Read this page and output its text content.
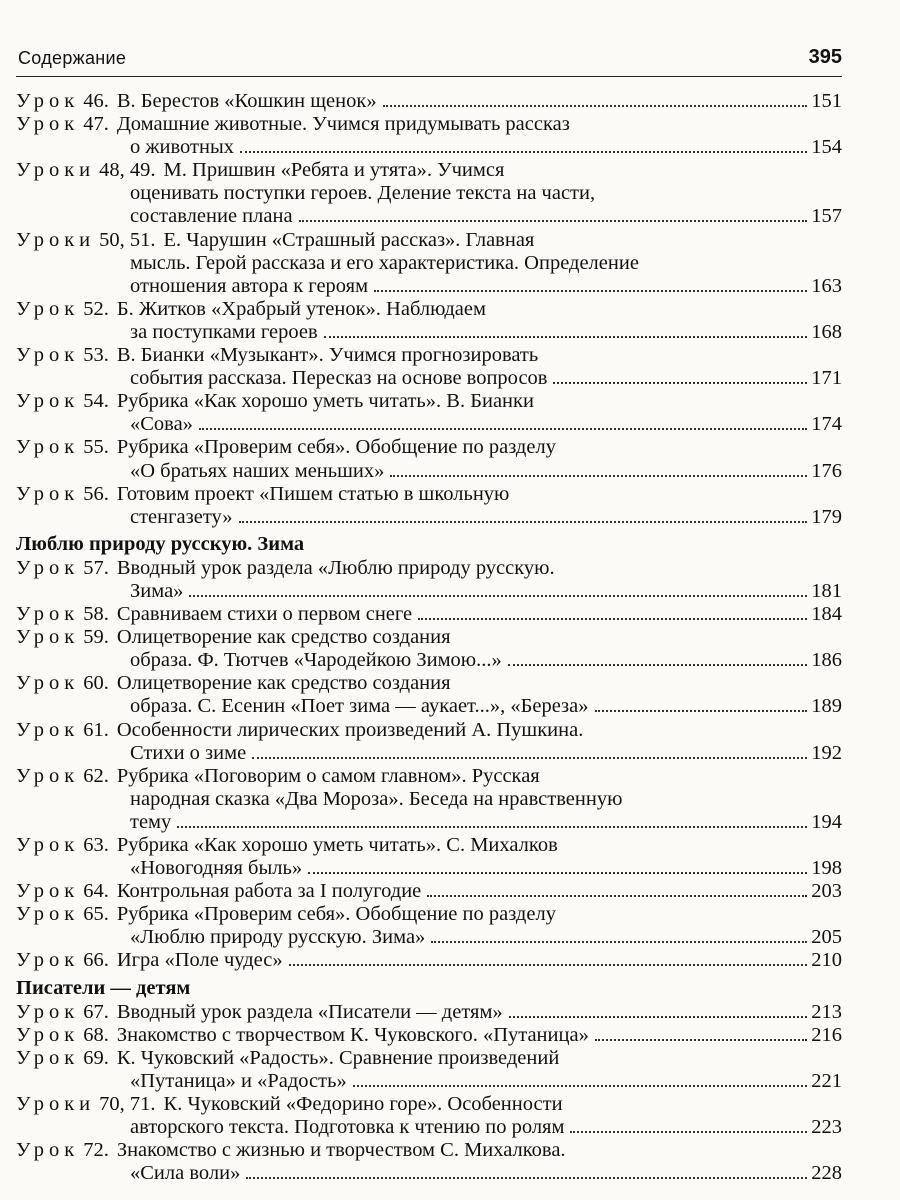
Содержание	395
Урок 46. В. Берестов «Кошкин щенок»	151
Урок 47. Домашние животные. Учимся придумывать рассказ
о животных	154
Уроки 48, 49. М. Пришвин «Ребята и утята». Учимся
оценивать поступки героев. Деление текста на части,
составление плана	157
Уроки 50, 51. Е. Чарушин «Страшный рассказ». Главная
мысль. Герой рассказа и его характеристика. Определение
отношения автора к героям	163
Урок 52. Б. Житков «Храбрый утенок». Наблюдаем
за поступками героев	168
Урок 53. В. Бианки «Музыкант». Учимся прогнозировать
события рассказа. Пересказ на основе вопросов	171
Урок 54. Рубрика «Как хорошо уметь читать». В. Бианки
«Сова»	174
Урок 55. Рубрика «Проверим себя». Обобщение по разделу
«О братьях наших меньших»	176
Урок 56. Готовим проект «Пишем статью в школьную
стенгазету»	179
Люблю природу русскую. Зима
Урок 57. Вводный урок раздела «Люблю природу русскую.
Зима»	181
Урок 58. Сравниваем стихи о первом снеге	184
Урок 59. Олицетворение как средство создания
образа. Ф. Тютчев «Чародейкою Зимою...»	186
Урок 60. Олицетворение как средство создания
образа. С. Есенин «Поет зима — аукает...», «Береза»	189
Урок 61. Особенности лирических произведений А. Пушкина.
Стихи о зиме	192
Урок 62. Рубрика «Поговорим о самом главном». Русская
народная сказка «Два Мороза». Беседа на нравственную
тему	194
Урок 63. Рубрика «Как хорошо уметь читать». С. Михалков
«Новогодняя быль»	198
Урок 64. Контрольная работа за I полугодие	203
Урок 65. Рубрика «Проверим себя». Обобщение по разделу
«Люблю природу русскую. Зима»	205
Урок 66. Игра «Поле чудес»	210
Писатели — детям
Урок 67. Вводный урок раздела «Писатели — детям»	213
Урок 68. Знакомство с творчеством К. Чуковского. «Путаница»	216
Урок 69. К. Чуковский «Радость». Сравнение произведений
«Путаница» и «Радость»	221
Уроки 70, 71. К. Чуковский «Федорино горе». Особенности
авторского текста. Подготовка к чтению по ролям	223
Урок 72. Знакомство с жизнью и творчеством С. Михалкова.
«Сила воли»	228
